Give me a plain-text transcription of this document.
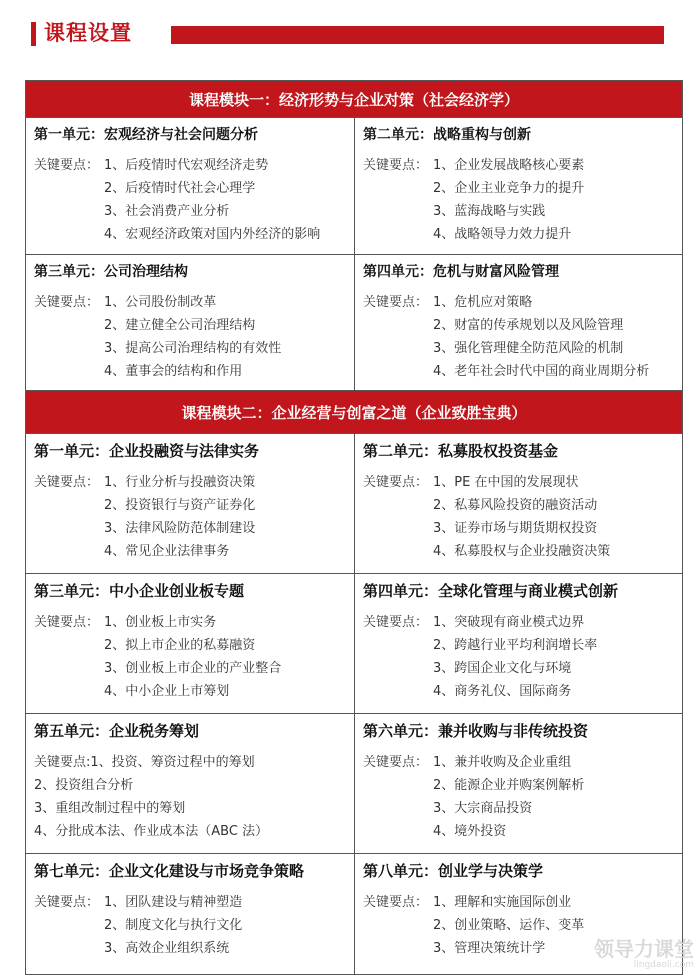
课程设置
课程模块一：经济形势与企业对策（社会经济学）
第一单元：宏观经济与社会问题分析
关键要点： 1、后疫情时代宏观经济走势
2、后疫情时代社会心理学
3、社会消费产业分析
4、宏观经济政策对国内外经济的影响
第二单元：战略重构与创新
关键要点： 1、企业发展战略核心要素
2、企业主业竞争力的提升
3、蓝海战略与实践
4、战略领导力效力提升
第三单元：公司治理结构
关键要点： 1、公司股份制改革
2、建立健全公司治理结构
3、提高公司治理结构的有效性
4、董事会的结构和作用
第四单元：危机与财富风险管理
关键要点： 1、危机应对策略
2、财富的传承规划以及风险管理
3、强化管理健全防范风险的机制
4、老年社会时代中国的商业周期分析
课程模块二：企业经营与创富之道（企业致胜宝典）
第一单元：企业投融资与法律实务
关键要点： 1、行业分析与投融资决策
2、投资银行与资产证券化
3、法律风险防范体制建设
4、常见企业法律事务
第二单元：私募股权投资基金
关键要点： 1、PE 在中国的发展现状
2、私募风险投资的融资活动
3、证券市场与期货期权投资
4、私募股权与企业投融资决策
第三单元：中小企业创业板专题
关键要点： 1、创业板上市实务
2、拟上市企业的私募融资
3、创业板上市企业的产业整合
4、中小企业上市筹划
第四单元：全球化管理与商业模式创新
关键要点： 1、突破现有商业模式边界
2、跨越行业平均利润增长率
3、跨国企业文化与环境
4、商务礼仪、国际商务
第五单元：企业税务筹划
关键要点:1、投资、筹资过程中的筹划
2、投资组合分析
3、重组改制过程中的筹划
4、分批成本法、作业成本法（ABC 法）
第六单元：兼并收购与非传统投资
关键要点： 1、兼并收购及企业重组
2、能源企业并购案例解析
3、大宗商品投资
4、境外投资
第七单元：企业文化建设与市场竞争策略
关键要点： 1、团队建设与精神塑造
2、制度文化与执行文化
3、高效企业组织系统
第八单元：创业学与决策学
关键要点： 1、理解和实施国际创业
2、创业策略、运作、变革
3、管理决策统计学 领导力课堂
lingdaoli.com
